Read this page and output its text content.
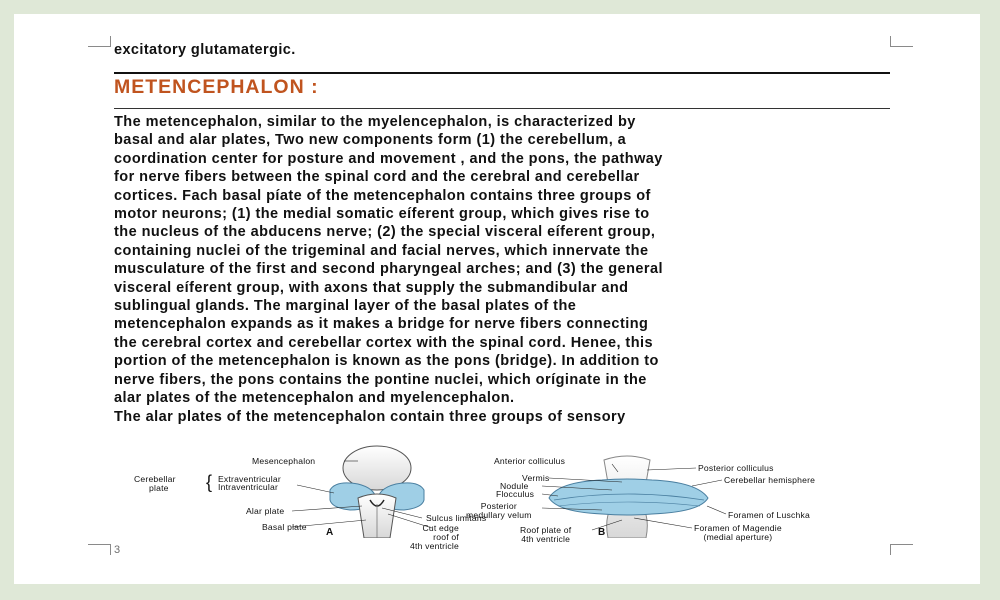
3

excitatory glutamatergic.

METENCEPHALON :
The metencephalon, similar to the myelencephalon, is characterized by
basal and alar plates, Two new components form (1) the cerebellum, a
coordination center for posture and movement , and the pons, the pathway
for nerve fibers between the spinal cord and the cerebral and cerebellar
cortices. Fach basal píate of the metencephalon contains three groups of
motor neurons; (1) the medial somatic eíferent group, which gives rise to
the nucleus of the abducens nerve; (2) the special visceral eíferent group,
containing nuclei of the trigeminal and facial nerves, which innervate the
musculature of the first and second pharyngeal arches; and (3) the general
visceral eíferent group, with axons that supply the submandibular and
sublingual glands. The marginal layer of the basal plates of the
metencephalon expands as it makes a bridge for nerve fibers connecting
the cerebral cortex and cerebellar cortex with the spinal cord. Henee, this
portion of the metencephalon is known as the pons (bridge). In addition to
nerve fibers, the pons contains the pontine nuclei, which oríginate in the
alar plates of the metencephalon and myelencephalon.
The alar plates of the metencephalon contain three groups of sensory
Mesencephalon
Cerebellar
plate	{ Extraventricular
Intraventricular
Alar plate
Basal plate
Sulcus limitans
Cut edge
roof of
4th ventricle
A
Anterior colliculus
Posterior colliculus
Vermis
Nodule
Flocculus
Cerebellar hemisphere
Posterior
medullary velum	Foramen of Luschka
Roof plate of
4th ventricle
Foramen of Magendie
(medial aperture)
B
